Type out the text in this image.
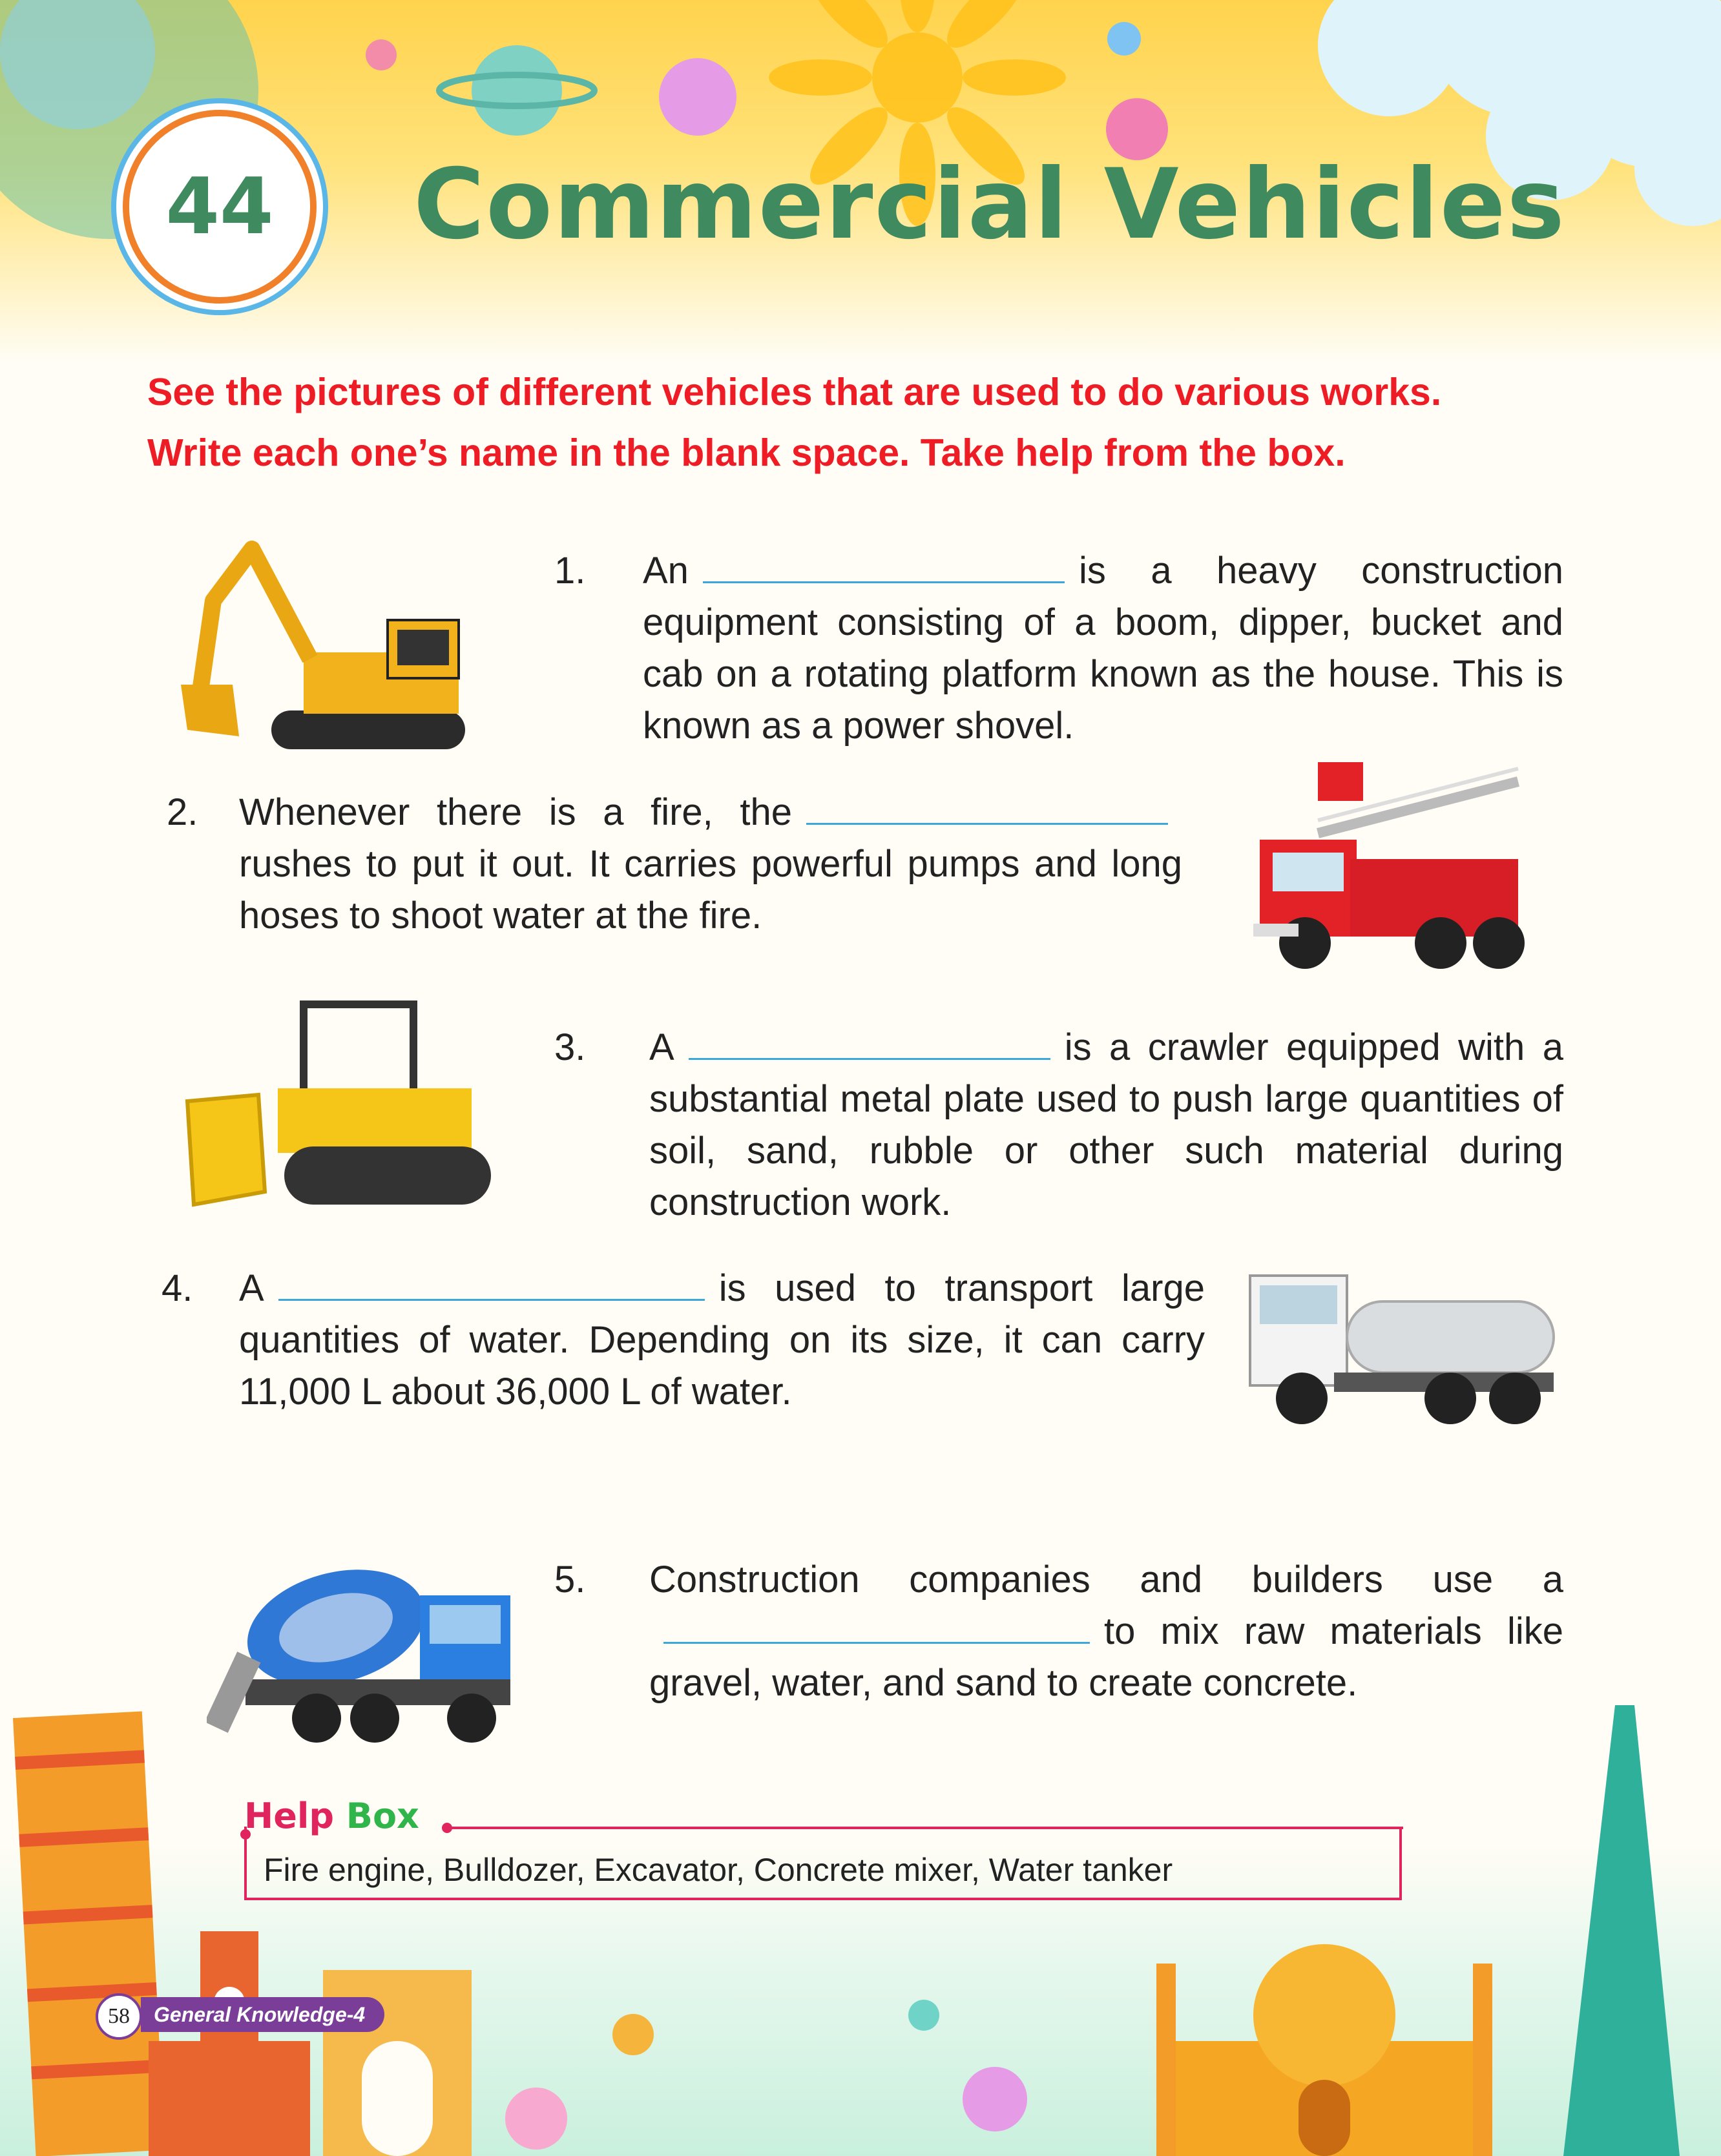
44 Commercial Vehicles
See the pictures of different vehicles that are used to do various works.
Write each one’s name in the blank space. Take help from the box.
1. An	is a heavy construction equipment consisting of a boom, dipper, bucket and cab on a rotating platform known as the house. This is known as a power shovel.
2. Whenever there is a fire, therushes to put it out. It carries powerful pumps and long hoses to shoot water at the fire.
3. A	is a crawler equipped with a substantial metal plate used to push large quantities of soil, sand, rubble or other such material during construction work.
4. A	is used to transport large quantities of water. Depending on its size, it can carry 11,000 L about 36,000 L of water.
5. Construction companies and builders use ato mix raw materials like gravel, water, and sand to create concrete.
Help Box
Fire engine, Bulldozer, Excavator, Concrete mixer, Water tanker
58	General Knowledge-4
